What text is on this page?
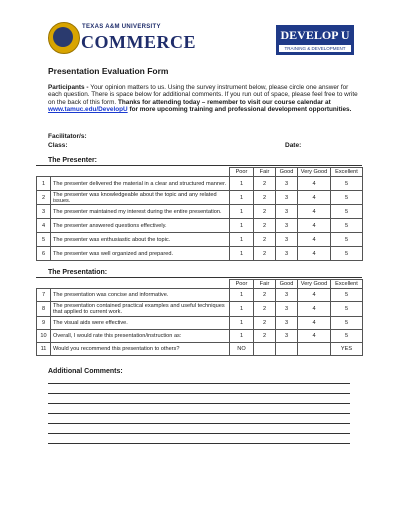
TEXAS A&M UNIVERSITY
COMMERCE	DEVELOP U
TRAINING & DEVELOPMENT
Presentation Evaluation Form
Participants - Your opinion matters to us. Using the survey instrument below, please circle one answer for each question. There is space below for additional comments. If you run out of space, please feel free to write on the back of this form. Thanks for attending today – remember to visit our course calendar at www.tamuc.edu/DevelopU for more upcoming training and professional development opportunities.
Facilitator/s:
Class:	Date:
The Presenter:
		Poor	Fair	Good	Very Good	Excellent
1	The presenter delivered the material in a clear and structured manner.	1	2	3	4	5
2	The presenter was knowledgeable about the topic and any related issues.	1	2	3	4	5
3	The presenter maintained my interest during the entire presentation.	1	2	3	4	5
4	The presenter answered questions effectively.	1	2	3	4	5
5	The presenter was enthusiastic about the topic.	1	2	3	4	5
6	The presenter was well organized and prepared.	1	2	3	4	5
The Presentation:
		Poor	Fair	Good	Very Good	Excellent
7	The presentation was concise and informative.	1	2	3	4	5
8	The presentation contained practical examples and useful techniques that applied to current work.	1	2	3	4	5
9	The visual aids were effective.	1	2	3	4	5
10	Overall, I would rate this presentation/instruction as:	1	2	3	4	5
11	Would you recommend this presentation to others?	NO				YES
Additional Comments:
